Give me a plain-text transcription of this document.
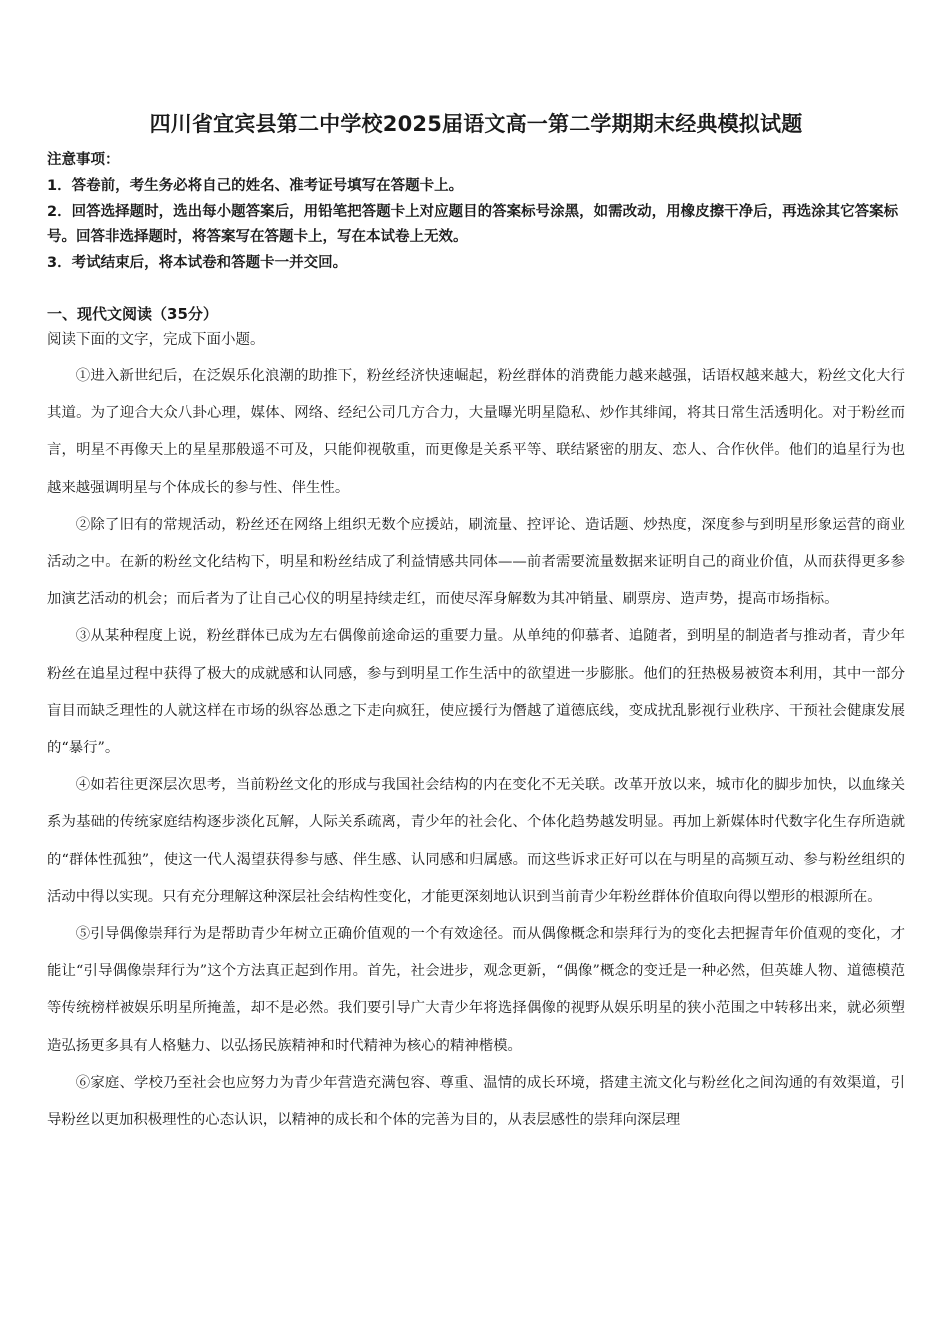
四川省宜宾县第二中学校2025届语文高一第二学期期末经典模拟试题
注意事项：
1．答卷前，考生务必将自己的姓名、准考证号填写在答题卡上。
2．回答选择题时，选出每小题答案后，用铅笔把答题卡上对应题目的答案标号涂黑，如需改动，用橡皮擦干净后，再选涂其它答案标号。回答非选择题时，将答案写在答题卡上，写在本试卷上无效。
3．考试结束后，将本试卷和答题卡一并交回。
一、现代文阅读（35分）
阅读下面的文字，完成下面小题。

①进入新世纪后，在泛娱乐化浪潮的助推下，粉丝经济快速崛起，粉丝群体的消费能力越来越强，话语权越来越大，粉丝文化大行其道。为了迎合大众八卦心理，媒体、网络、经纪公司几方合力，大量曝光明星隐私、炒作其绯闻，将其日常生活透明化。对于粉丝而言，明星不再像天上的星星那般遥不可及，只能仰视敬重，而更像是关系平等、联结紧密的朋友、恋人、合作伙伴。他们的追星行为也越来越强调明星与个体成长的参与性、伴生性。

②除了旧有的常规活动，粉丝还在网络上组织无数个应援站，刷流量、控评论、造话题、炒热度，深度参与到明星形象运营的商业活动之中。在新的粉丝文化结构下，明星和粉丝结成了利益情感共同体——前者需要流量数据来证明自己的商业价值，从而获得更多参加演艺活动的机会；而后者为了让自己心仪的明星持续走红，而使尽浑身解数为其冲销量、刷票房、造声势，提高市场指标。

③从某种程度上说，粉丝群体已成为左右偶像前途命运的重要力量。从单纯的仰慕者、追随者，到明星的制造者与推动者，青少年粉丝在追星过程中获得了极大的成就感和认同感，参与到明星工作生活中的欲望进一步膨胀。他们的狂热极易被资本利用，其中一部分盲目而缺乏理性的人就这样在市场的纵容怂恿之下走向疯狂，使应援行为僭越了道德底线，变成扰乱影视行业秩序、干预社会健康发展的“暴行”。

④如若往更深层次思考，当前粉丝文化的形成与我国社会结构的内在变化不无关联。改革开放以来，城市化的脚步加快，以血缘关系为基础的传统家庭结构逐步淡化瓦解，人际关系疏离，青少年的社会化、个体化趋势越发明显。再加上新媒体时代数字化生存所造就的“群体性孤独”，使这一代人渴望获得参与感、伴生感、认同感和归属感。而这些诉求正好可以在与明星的高频互动、参与粉丝组织的活动中得以实现。只有充分理解这种深层社会结构性变化，才能更深刻地认识到当前青少年粉丝群体价值取向得以塑形的根源所在。

⑤引导偶像崇拜行为是帮助青少年树立正确价值观的一个有效途径。而从偶像概念和崇拜行为的变化去把握青年价值观的变化，才能让“引导偶像崇拜行为”这个方法真正起到作用。首先，社会进步，观念更新，“偶像”概念的变迁是一种必然，但英雄人物、道德模范等传统榜样被娱乐明星所掩盖，却不是必然。我们要引导广大青少年将选择偶像的视野从娱乐明星的狭小范围之中转移出来，就必须塑造弘扬更多具有人格魅力、以弘扬民族精神和时代精神为核心的精神楷模。

⑥家庭、学校乃至社会也应努力为青少年营造充满包容、尊重、温情的成长环境，搭建主流文化与粉丝化之间沟通的有效渠道，引导粉丝以更加积极理性的心态认识，以精神的成长和个体的完善为目的，从表层感性的崇拜向深层理
